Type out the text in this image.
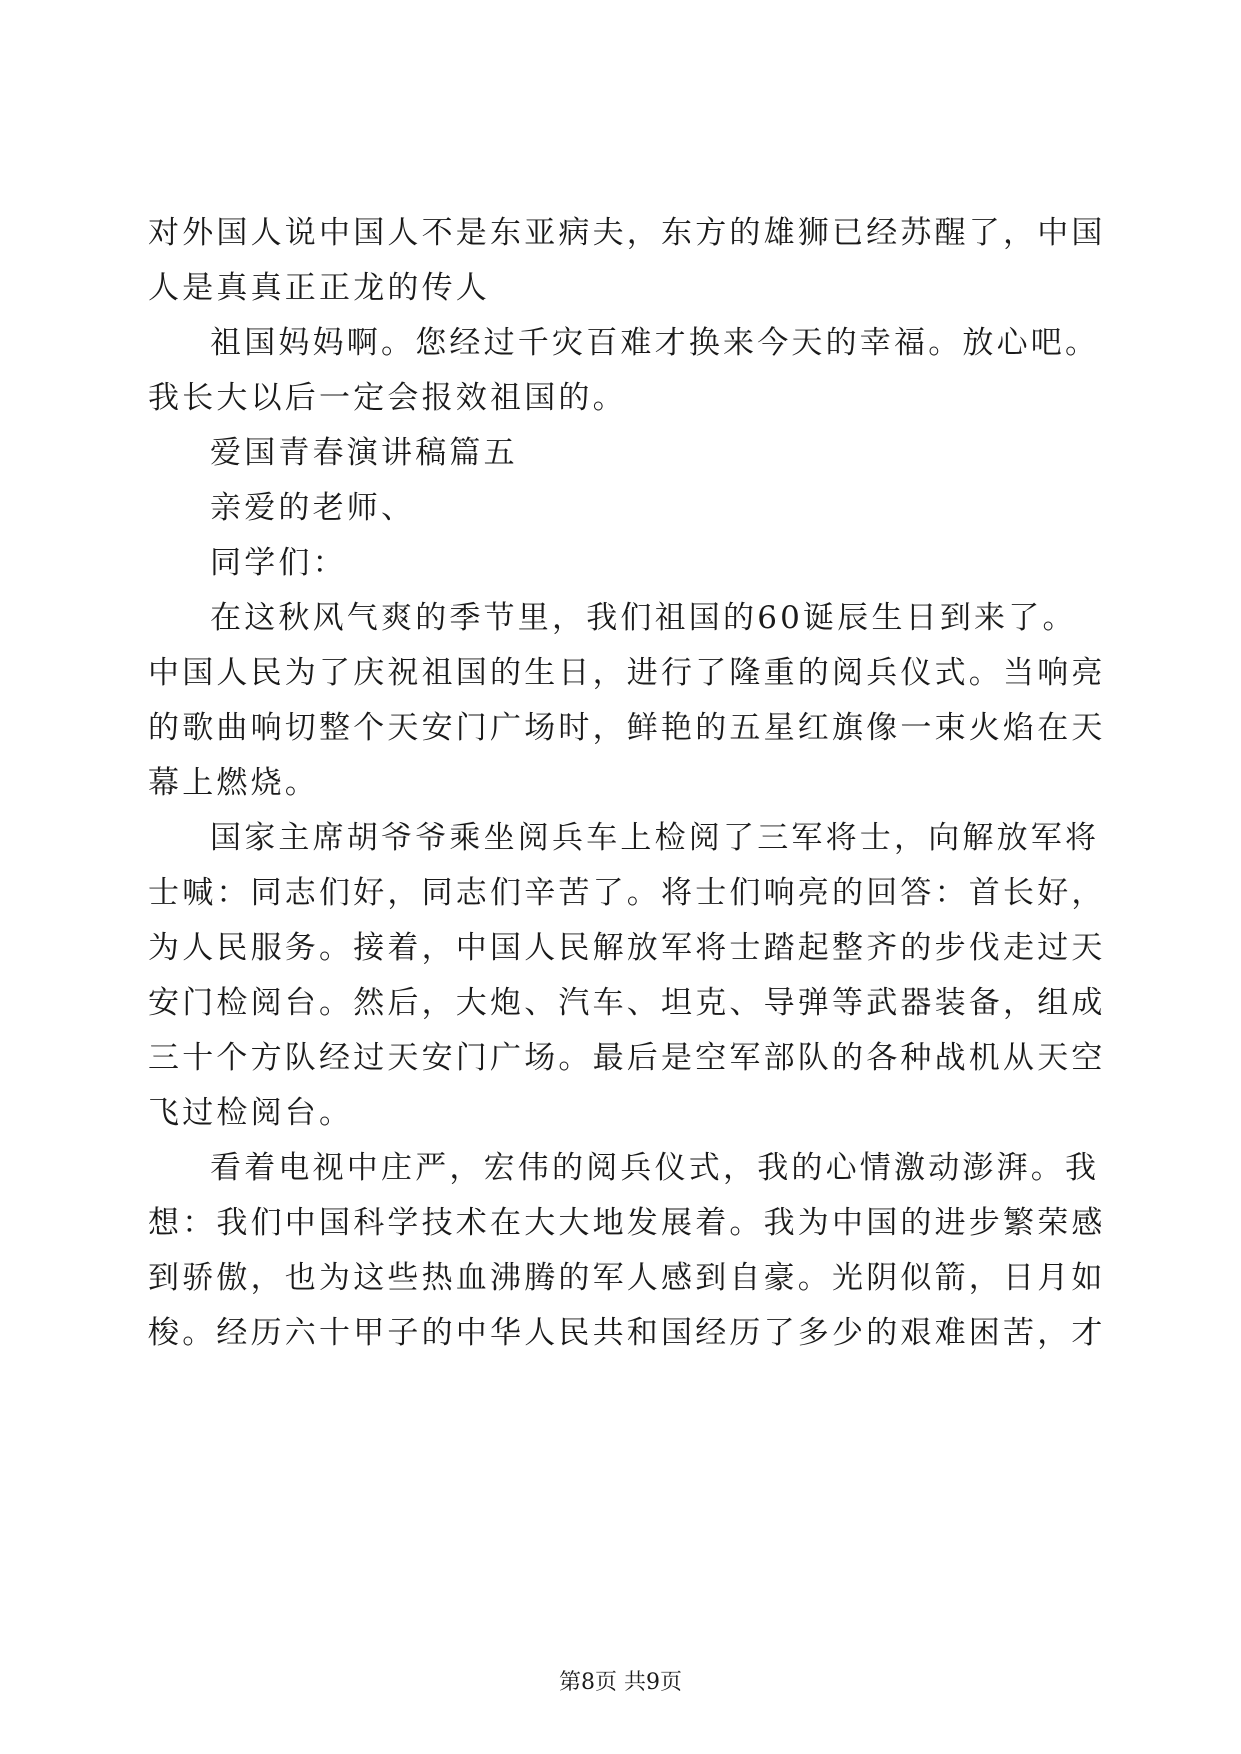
对外国人说中国人不是东亚病夫，东方的雄狮已经苏醒了，中国
人是真真正正龙的传人
祖国妈妈啊。您经过千灾百难才换来今天的幸福。放心吧。
我长大以后一定会报效祖国的。
爱国青春演讲稿篇五
亲爱的老师、
同学们：
在这秋风气爽的季节里，我们祖国的60诞辰生日到来了。
中国人民为了庆祝祖国的生日，进行了隆重的阅兵仪式。当响亮
的歌曲响切整个天安门广场时，鲜艳的五星红旗像一束火焰在天
幕上燃烧。
国家主席胡爷爷乘坐阅兵车上检阅了三军将士，向解放军将
士喊：同志们好，同志们辛苦了。将士们响亮的回答：首长好，
为人民服务。接着，中国人民解放军将士踏起整齐的步伐走过天
安门检阅台。然后，大炮、汽车、坦克、导弹等武器装备，组成
三十个方队经过天安门广场。最后是空军部队的各种战机从天空
飞过检阅台。
看着电视中庄严，宏伟的阅兵仪式，我的心情激动澎湃。我
想：我们中国科学技术在大大地发展着。我为中国的进步繁荣感
到骄傲，也为这些热血沸腾的军人感到自豪。光阴似箭，日月如
梭。经历六十甲子的中华人民共和国经历了多少的艰难困苦，才
第8页 共9页
